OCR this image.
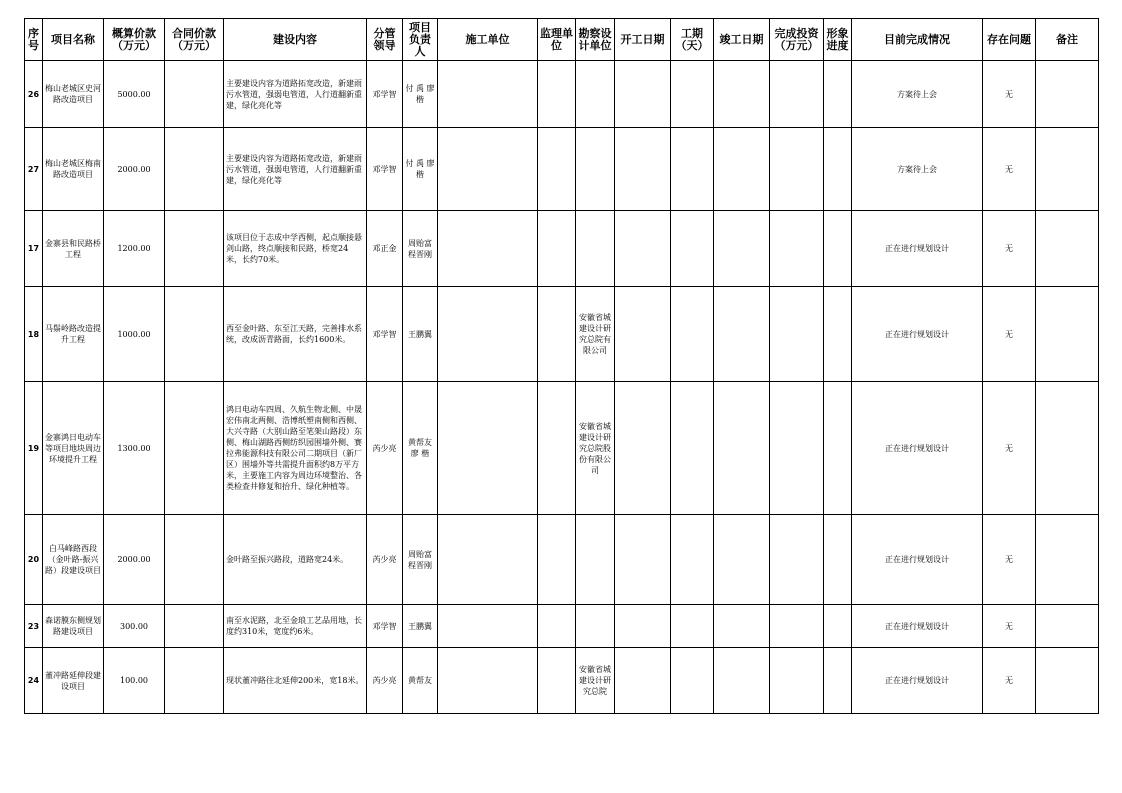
序号	项目名称	概算价款（万元）	合同价款（万元）	建设内容	分管领导	项目负责人	施工单位	监理单位	勘察设计单位	开工日期	工期（天）	竣工日期	完成投资（万元）	形象进度	目前完成情况	存在问题	备注
26	梅山老城区史河路改造项目	5000.00		主要建设内容为道路拓宽改造，新建雨污水管道，强弱电管道，人行道翻新重建，绿化亮化等	邓学智	付 禹 廖 楷									方案待上会	无	
27	梅山老城区梅南路改造项目	2000.00		主要建设内容为道路拓宽改造，新建雨污水管道，强弱电管道，人行道翻新重建，绿化亮化等	邓学智	付 禹 廖 楷									方案待上会	无	
17	金寨县和民路桥工程	1200.00		该项目位于志成中学西侧，起点顺接悬剑山路，终点顺接和民路，桥宽24米，长约70米。	邓正金	周贻富 程晋刚									正在进行规划设计	无	
18	马鬃岭路改造提升工程	1000.00		西至金叶路、东至江天路，完善排水系统，改成沥青路面，长约1600米。	邓学智	王鹏翼			安徽省城建设计研究总院有限公司						正在进行规划设计	无	
19	金寨鸿日电动车等项目地块周边环境提升工程	1300.00		鸿日电动车四周、久航生物北侧、中晟宏伟南北两侧、浩博纸塑南侧和西侧、大兴寺路（大别山路至笔架山路段）东侧、梅山湖路西侧纺织园围墙外侧、赛拉弗能源科技有限公司二期项目（新厂区）围墙外等共需提升面积约8万平方米，主要施工内容为周边环境整治、各类检查井修复和抬升、绿化种植等。	芮少亮	黄帮友 廖 楷			安徽省城建设计研究总院股份有限公司						正在进行规划设计	无	
20	白马峰路西段（金叶路-振兴路）段建设项目	2000.00		金叶路至振兴路段，道路宽24米。	芮少亮	周贻富 程晋刚									正在进行规划设计	无	
23	森诺膜东侧规划路建设项目	300.00		南至水泥路，北至金琅工艺品用地，长度约310米，宽度约6米。	邓学智	王鹏翼									正在进行规划设计	无	
24	董冲路延伸段建设项目	100.00		现状董冲路往北延伸200米，宽18米。	芮少亮	黄帮友			安徽省城建设计研究总院						正在进行规划设计	无	
